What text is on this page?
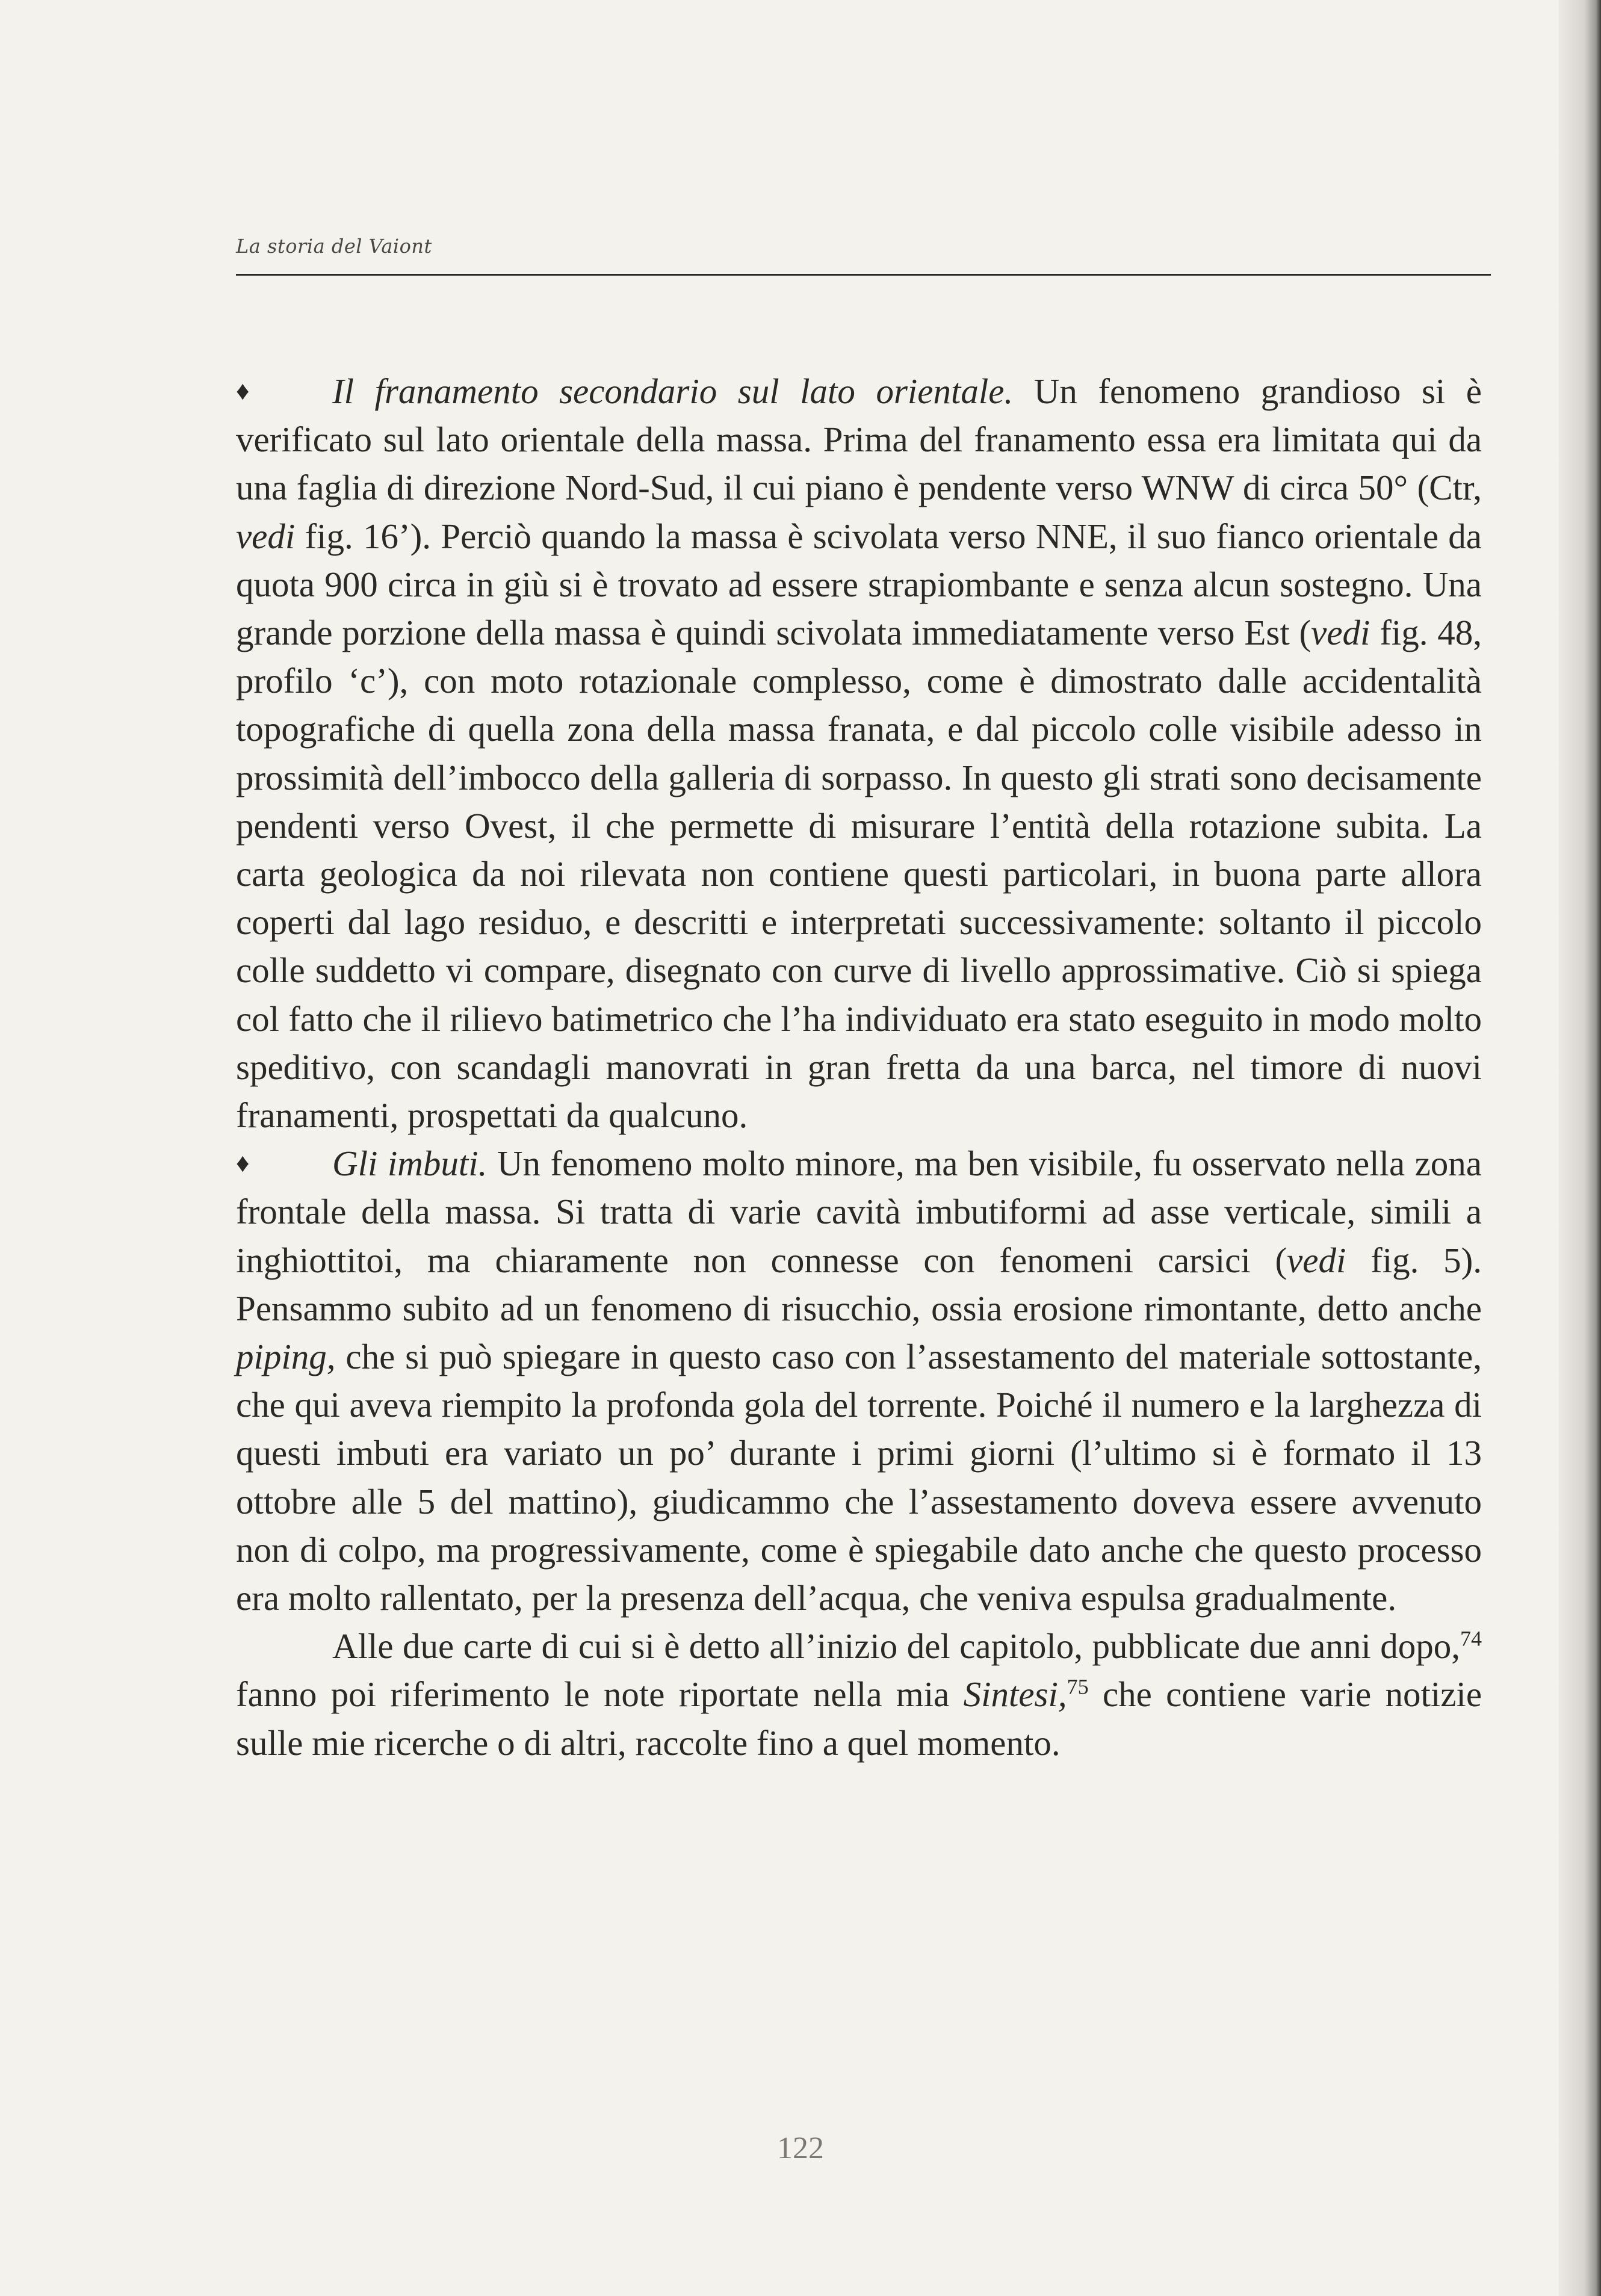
La storia del Vaiont

♦ Il franamento secondario sul lato orientale. Un fenomeno grandioso si è verificato sul lato orientale della massa. Prima del franamento essa era limitata qui da una faglia di direzione Nord-Sud, il cui piano è pendente verso WNW di circa 50° (Ctr, vedi fig. 16’). Perciò quando la massa è scivolata verso NNE, il suo fianco orientale da quota 900 circa in giù si è trovato ad essere strapiombante e senza alcun sostegno. Una grande porzione della massa è quindi scivolata immediatamente verso Est (vedi fig. 48, profilo ‘c’), con moto rotazionale complesso, come è dimostrato dalle accidentalità topografiche di quella zona della massa franata, e dal piccolo colle visibile adesso in prossimità dell’imbocco della galleria di sorpasso. In questo gli strati sono decisamente pendenti verso Ovest, il che permette di misurare l’entità della rotazione subita. La carta geologica da noi rilevata non contiene questi particolari, in buona parte allora coperti dal lago residuo, e descritti e interpretati successivamente: soltanto il piccolo colle suddetto vi compare, disegnato con curve di livello approssimative. Ciò si spiega col fatto che il rilievo batimetrico che l’ha individuato era stato eseguito in modo molto speditivo, con scandagli manovrati in gran fretta da una barca, nel timore di nuovi franamenti, prospettati da qualcuno.

♦ Gli imbuti. Un fenomeno molto minore, ma ben visibile, fu osservato nella zona frontale della massa. Si tratta di varie cavità imbutiformi ad asse verticale, simili a inghiottitoi, ma chiaramente non connesse con fenomeni carsici (vedi fig. 5). Pensammo subito ad un fenomeno di risucchio, ossia erosione rimontante, detto anche piping, che si può spiegare in questo caso con l’assestamento del materiale sottostante, che qui aveva riempito la profonda gola del torrente. Poiché il numero e la larghezza di questi imbuti era variato un po’ durante i primi giorni (l’ultimo si è formato il 13 ottobre alle 5 del mattino), giudicammo che l’assestamento doveva essere avvenuto non di colpo, ma progressivamente, come è spiegabile dato anche che questo processo era molto rallentato, per la presenza dell’acqua, che veniva espulsa gradualmente.

Alle due carte di cui si è detto all’inizio del capitolo, pubblicate due anni dopo,$^{74}$ fanno poi riferimento le note riportate nella mia Sintesi,$^{75}$ che contiene varie notizie sulle mie ricerche o di altri, raccolte fino a quel momento.

122
